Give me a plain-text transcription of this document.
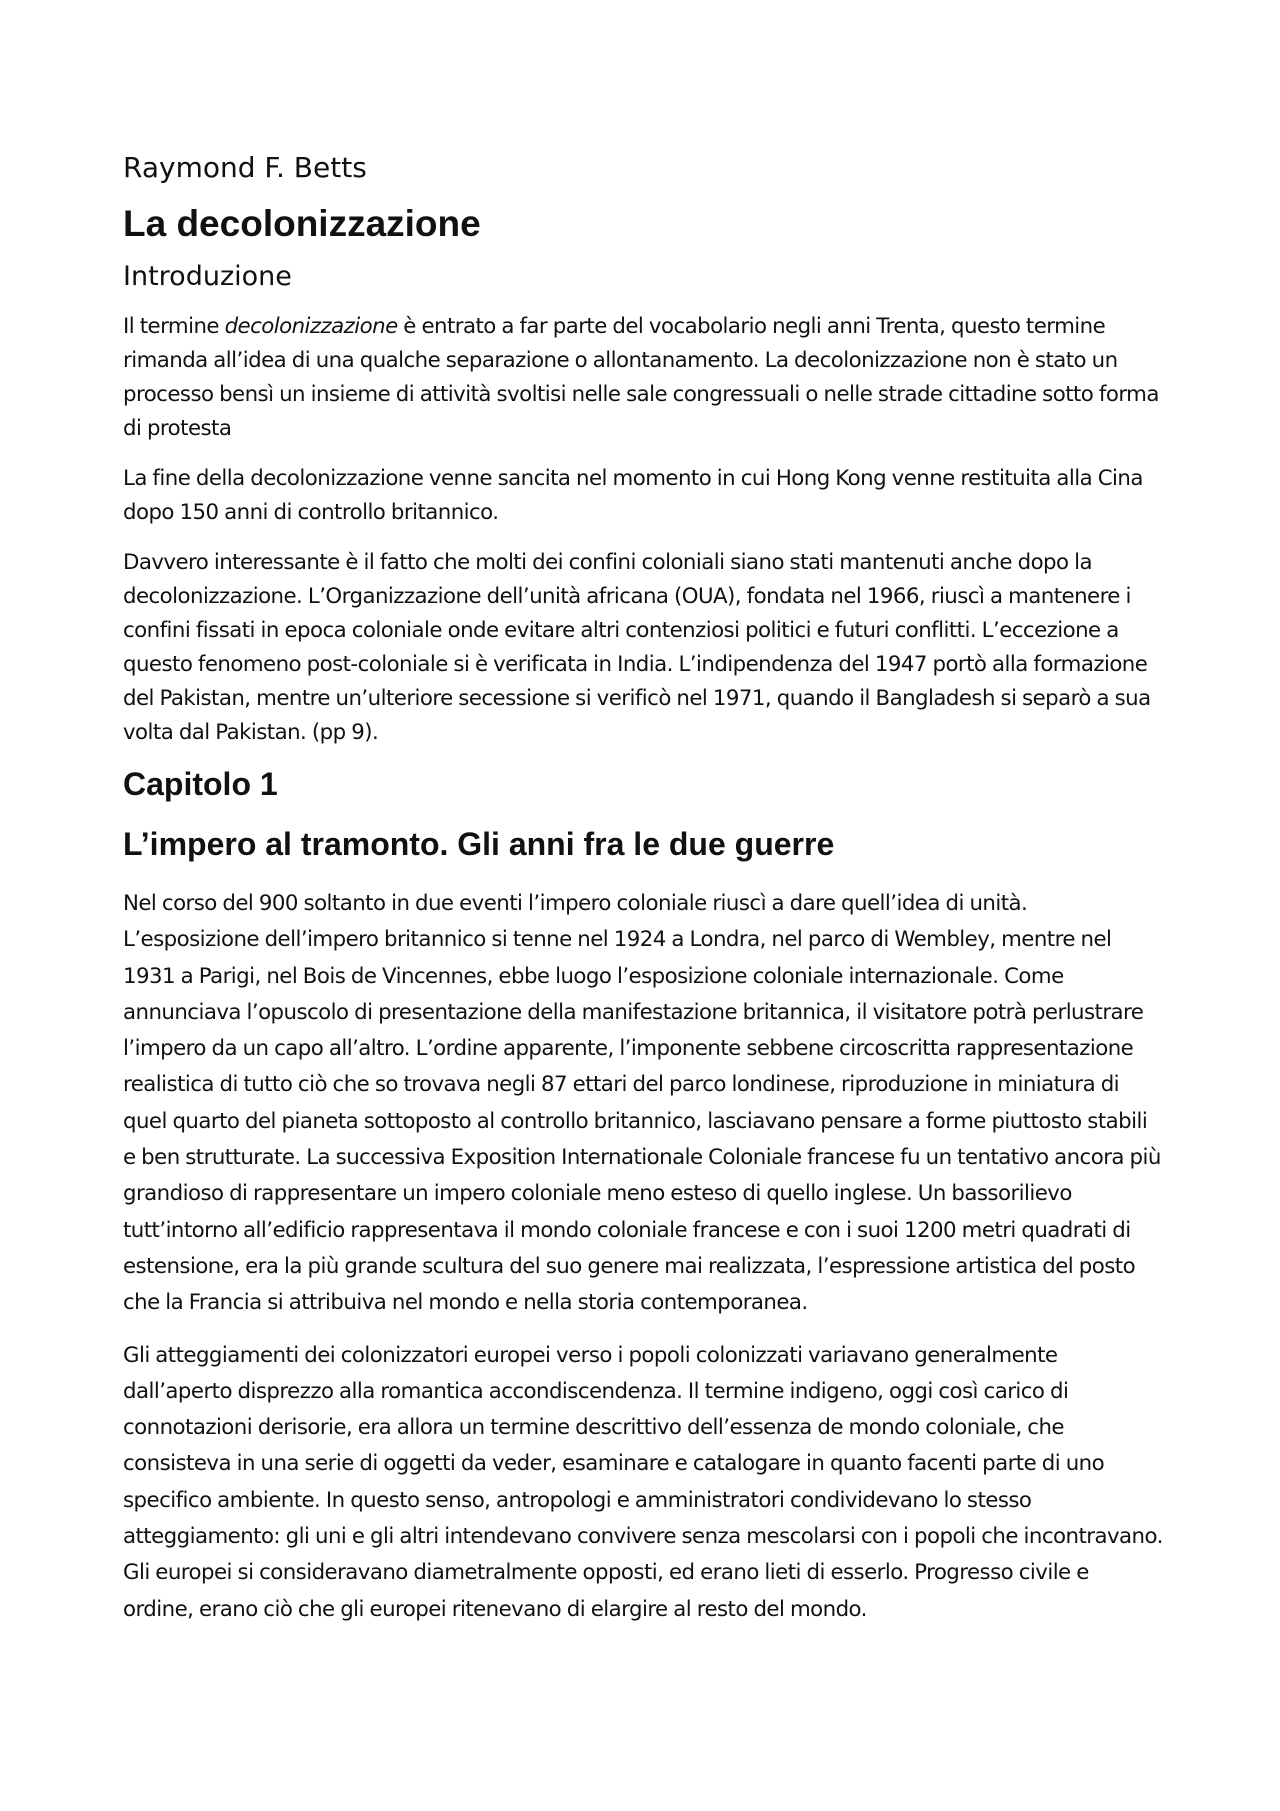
Raymond F. Betts
La decolonizzazione
Introduzione

Il termine decolonizzazione è entrato a far parte del vocabolario negli anni Trenta, questo termine rimanda all’idea di una qualche separazione o allontanamento. La decolonizzazione non è stato un processo bensì un insieme di attività svoltisi nelle sale congressuali o nelle strade cittadine sotto forma di protesta

La fine della decolonizzazione venne sancita nel momento in cui Hong Kong venne restituita alla Cina dopo 150 anni di controllo britannico.

Davvero interessante è il fatto che molti dei confini coloniali siano stati mantenuti anche dopo la decolonizzazione. L’Organizzazione dell’unità africana (OUA), fondata nel 1966, riuscì a mantenere i confini fissati in epoca coloniale onde evitare altri contenziosi politici e futuri conflitti. L’eccezione a questo fenomeno post-coloniale si è verificata in India. L’indipendenza del 1947 portò alla formazione del Pakistan, mentre un’ulteriore secessione si verificò nel 1971, quando il Bangladesh si separò a sua volta dal Pakistan. (pp 9).

Capitolo 1
L’impero al tramonto. Gli anni fra le due guerre

Nel corso del 900 soltanto in due eventi l’impero coloniale riuscì a dare quell’idea di unità. L’esposizione dell’impero britannico si tenne nel 1924 a Londra, nel parco di Wembley, mentre nel 1931 a Parigi, nel Bois de Vincennes, ebbe luogo l’esposizione coloniale internazionale. Come annunciava l’opuscolo di presentazione della manifestazione britannica, il visitatore potrà perlustrare l’impero da un capo all’altro. L’ordine apparente, l’imponente sebbene circoscritta rappresentazione realistica di tutto ciò che so trovava negli 87 ettari del parco londinese, riproduzione in miniatura di quel quarto del pianeta sottoposto al controllo britannico, lasciavano pensare a forme piuttosto stabili e ben strutturate. La successiva Exposition Internationale Coloniale francese fu un tentativo ancora più grandioso di rappresentare un impero coloniale meno esteso di quello inglese. Un bassorilievo tutt’intorno all’edificio rappresentava il mondo coloniale francese e con i suoi 1200 metri quadrati di estensione, era la più grande scultura del suo genere mai realizzata, l’espressione artistica del posto che la Francia si attribuiva nel mondo e nella storia contemporanea.

Gli atteggiamenti dei colonizzatori europei verso i popoli colonizzati variavano generalmente dall’aperto disprezzo alla romantica accondiscendenza. Il termine indigeno, oggi così carico di connotazioni derisorie, era allora un termine descrittivo dell’essenza de mondo coloniale, che consisteva in una serie di oggetti da veder, esaminare e catalogare in quanto facenti parte di uno specifico ambiente. In questo senso, antropologi e amministratori condividevano lo stesso atteggiamento: gli uni e gli altri intendevano convivere senza mescolarsi con i popoli che incontravano. Gli europei si consideravano diametralmente opposti, ed erano lieti di esserlo. Progresso civile e ordine, erano ciò che gli europei ritenevano di elargire al resto del mondo.
